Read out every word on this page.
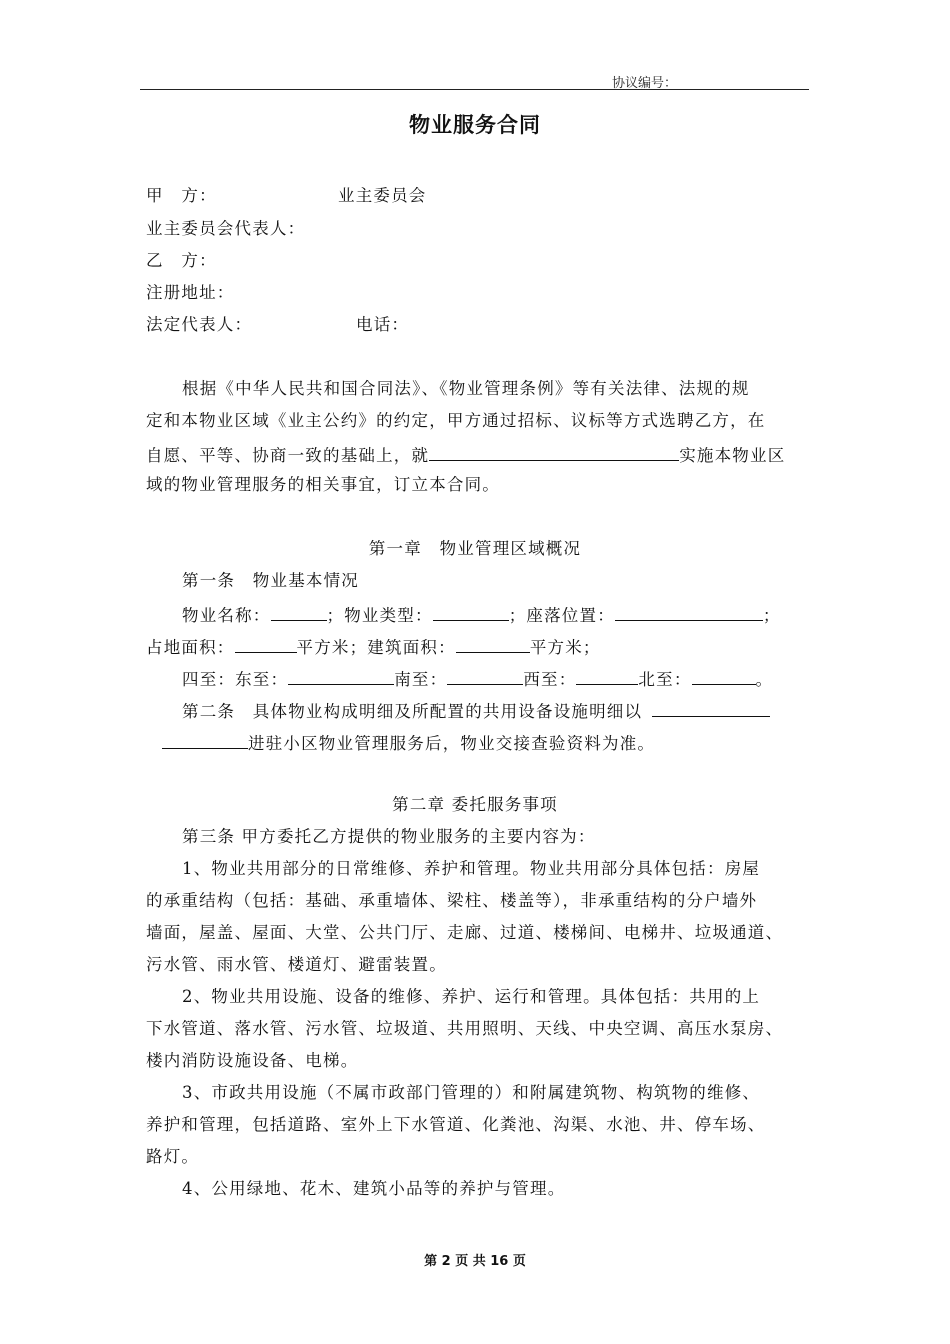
协议编号：
物业服务合同
甲　方：	业主委员会
业主委员会代表人：
乙　方：
注册地址：
法定代表人：	电话：
根据《中华人民共和国合同法》、《物业管理条例》等有关法律、法规的规
定和本物业区域《业主公约》的约定，甲方通过招标、议标等方式选聘乙方，在
自愿、平等、协商一致的基础上，就	实施本物业区
域的物业管理服务的相关事宜，订立本合同。
第一章　物业管理区域概况
第一条　物业基本情况
物业名称：	；物业类型：	；座落位置：	；
占地面积：	平方米；建筑面积：	平方米；
四至：东至：	南至：	西至：	北至：	。
第二条　具体物业构成明细及所配置的共用设备设施明细以
进驻小区物业管理服务后，物业交接查验资料为准。
第二章 委托服务事项
第三条 甲方委托乙方提供的物业服务的主要内容为：
1、物业共用部分的日常维修、养护和管理。物业共用部分具体包括：房屋
的承重结构（包括：基础、承重墙体、梁柱、楼盖等），非承重结构的分户墙外
墙面，屋盖、屋面、大堂、公共门厅、走廊、过道、楼梯间、电梯井、垃圾通道、
污水管、雨水管、楼道灯、避雷装置。
2、物业共用设施、设备的维修、养护、运行和管理。具体包括：共用的上
下水管道、落水管、污水管、垃圾道、共用照明、天线、中央空调、高压水泵房、
楼内消防设施设备、电梯。
3、市政共用设施（不属市政部门管理的）和附属建筑物、构筑物的维修、
养护和管理，包括道路、室外上下水管道、化粪池、沟渠、水池、井、停车场、
路灯。
4、公用绿地、花木、建筑小品等的养护与管理。
第 2 页 共 16 页
